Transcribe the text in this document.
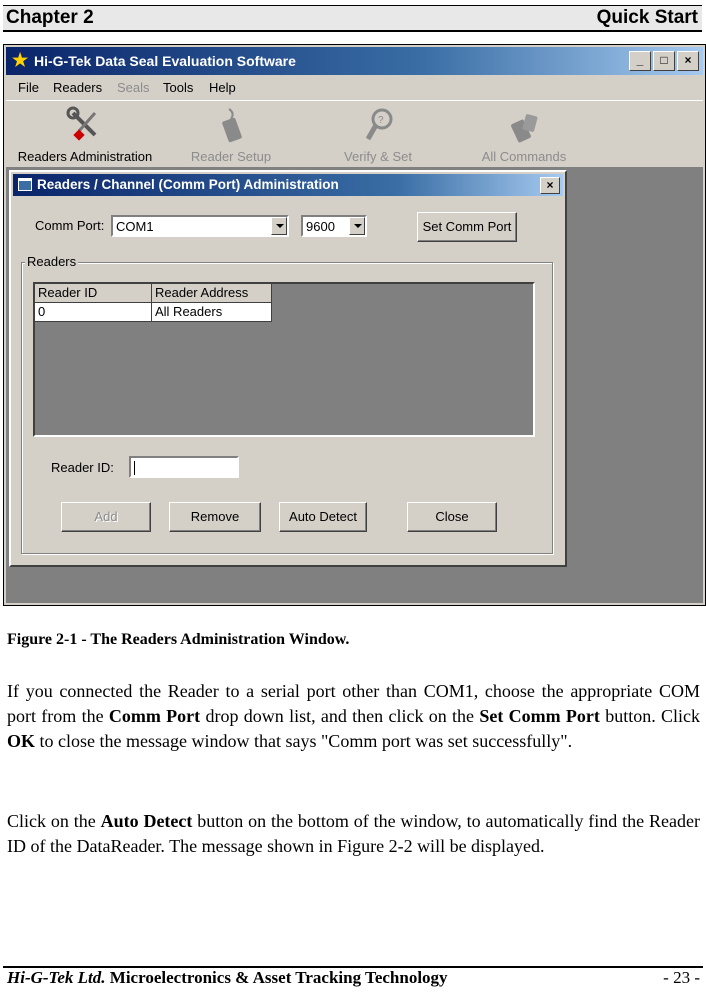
Chapter 2	Quick Start
★ Hi-G-Tek Data Seal Evaluation Software	_	□	×
File Readers Seals Tools Help
Readers Administration	Reader Setup
?
Verify & Set	All Commands
Readers / Channel (Comm Port) Administration	×
Comm Port: COM1	9600	Set Comm Port
Readers
Reader ID	Reader Address
0	All Readers
Reader ID:
Add	Remove	Auto Detect	Close
Figure 2-1 - The Readers Administration Window.
If you connected the Reader to a serial port other than COM1, choose the appropriate COM port from the Comm Port drop down list, and then click on the Set Comm Port button. Click OK to close the message window that says "Comm port was set successfully".
Click on the Auto Detect button on the bottom of the window, to automatically find the Reader ID of the DataReader. The message shown in Figure 2-2 will be displayed.
Hi-G-Tek Ltd. Microelectronics & Asset Tracking Technology	- 23 -
